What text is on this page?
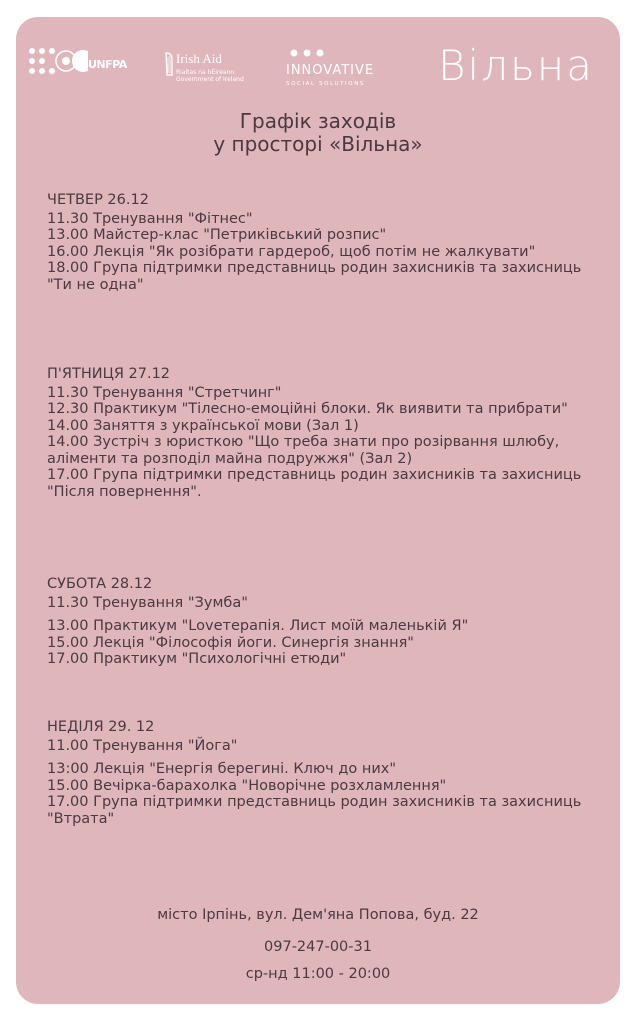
UNFPA	Irish Aid
Rialtas na hÉireann
Government of Ireland
INNOVATIVE
SOCIAL SOLUTIONS Вільна
Графік заходів
у просторі «Вільна»
ЧЕТВЕР 26.12
11.30 Тренування "Фітнес"
13.00 Майстер-клас "Петриківський розпис"
16.00 Лекція "Як розібрати гардероб, щоб потім не жалкувати"
18.00 Група підтримки представниць родин захисників та захисниць "Ти не одна"
П'ЯТНИЦЯ 27.12
11.30 Тренування "Стретчинг"
12.30 Практикум "Тілесно-емоційні блоки. Як виявити та прибрати"
14.00 Заняття з української мови (Зал 1)
14.00 Зустріч з юристкою "Що треба знати про розірвання шлюбу, аліменти та розподіл майна подружжя" (Зал 2)
17.00 Група підтримки представниць родин захисників та захисниць "Після повернення".
СУБОТА 28.12
11.30 Тренування "Зумба"
13.00 Практикум "Loveтерапія. Лист моїй маленькій Я"
15.00 Лекція "Філософія йоги. Синергія знання"
17.00 Практикум "Психологічні етюди"
НЕДІЛЯ 29. 12
11.00 Тренування "Йога"
13:00 Лекція "Енергія берегині. Ключ до них"
15.00 Вечірка-барахолка "Новорічне розхламлення"
17.00 Група підтримки представниць родин захисників та захисниць "Втрата"
місто Ірпінь, вул. Дем'яна Попова, буд. 22
097-247-00-31
ср-нд 11:00 - 20:00
